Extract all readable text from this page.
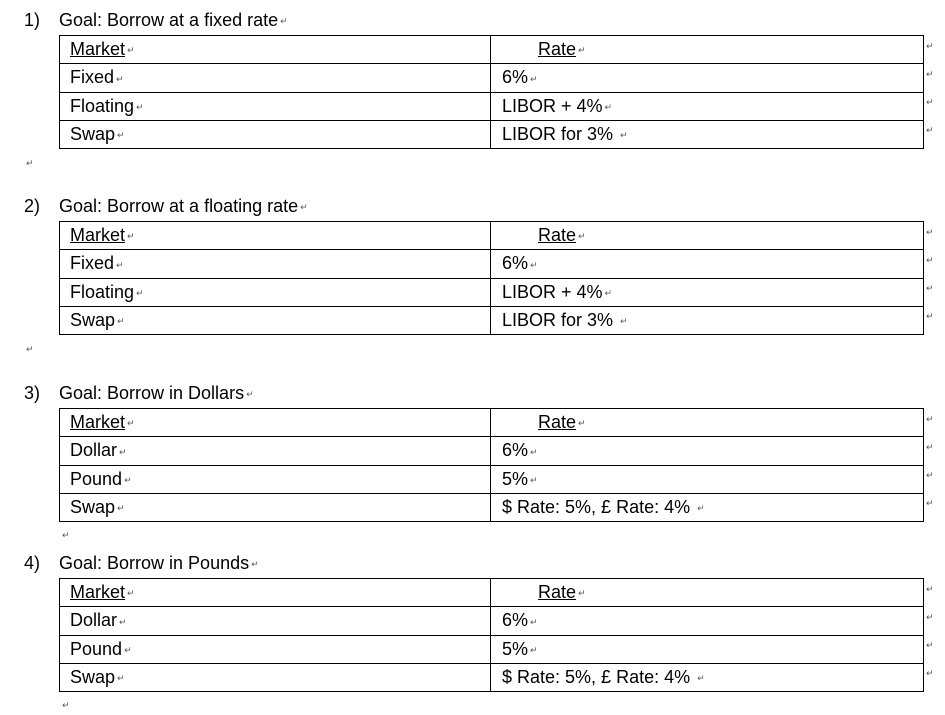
1) Goal: Borrow at a fixed rate ↵
Market ↵	Rate ↵
Fixed ↵	6% ↵
Floating ↵	LIBOR + 4% ↵
Swap ↵	LIBOR for 3% ↵
↵
↵
↵
↵
↵
2) Goal: Borrow at a floating rate ↵
Market ↵	Rate ↵
Fixed ↵	6% ↵
Floating ↵	LIBOR + 4% ↵
Swap ↵	LIBOR for 3% ↵
↵
↵
↵
↵
↵
3) Goal: Borrow in Dollars ↵
Market ↵	Rate ↵
Dollar ↵	6% ↵
Pound ↵	5% ↵
Swap ↵	$ Rate: 5%, £ Rate: 4% ↵
↵
↵
↵
↵
↵
4) Goal: Borrow in Pounds ↵
Market ↵	Rate ↵
Dollar ↵	6% ↵
Pound ↵	5% ↵
Swap ↵	$ Rate: 5%, £ Rate: 4% ↵
↵
↵
↵
↵
↵
